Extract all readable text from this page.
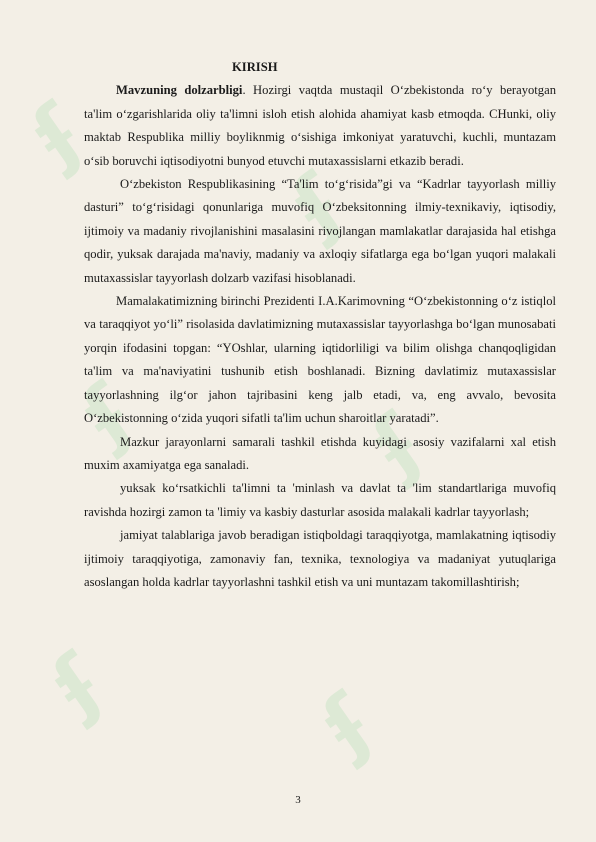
ʄ
ʄ
ʄ	ʄ
ʄ ʄ
KIRISH

Mavzuning dolzarbligi. Hozirgi vaqtda mustaqil O‘zbekistonda ro‘y berayotgan ta'lim o‘zgarishlarida oliy ta'limni isloh etish alohida ahamiyat kasb etmoqda. CHunki, oliy maktab Respublika milliy boyliknmig o‘sishiga imkoniyat yaratuvchi, kuchli, muntazam o‘sib boruvchi iqtisodiyotni bunyod etuvchi mutaxassislarni etkazib beradi.

O‘zbekiston Respublikasining “Ta'lim to‘g‘risida”gi va “Kadrlar tayyorlash milliy dasturi” to‘g‘risidagi qonunlariga muvofiq O‘zbeksitonning ilmiy-texnikaviy, iqtisodiy, ijtimoiy va madaniy rivojlanishini masalasini rivojlangan mamlakatlar darajasida hal etishga qodir, yuksak darajada ma'naviy, madaniy va axloqiy sifatlarga ega bo‘lgan yuqori malakali mutaxassislar tayyorlash dolzarb vazifasi hisoblanadi.

Mamalakatimizning birinchi Prezidenti I.A.Karimovning “O‘zbekistonning o‘z istiqlol va taraqqiyot yo‘li” risolasida davlatimizning mutaxassislar tayyorlashga bo‘lgan munosabati yorqin ifodasini topgan: “YOshlar, ularning iqtidorliligi va bilim olishga chanqoqligidan ta'lim va ma'naviyatini tushunib etish boshlanadi. Bizning davlatimiz mutaxassislar tayyorlashning ilg‘or jahon tajribasini keng jalb etadi, va, eng avvalo, bevosita O‘zbekistonning o‘zida yuqori sifatli ta'lim uchun sharoitlar yaratadi”.

Mazkur jarayonlarni samarali tashkil etishda kuyidagi asosiy vazifalarni xal etish muxim axamiyatga ega sanaladi.

yuksak ko‘rsatkichli ta'limni ta 'minlash va davlat ta 'lim standartlariga muvofiq ravishda hozirgi zamon ta 'limiy va kasbiy dasturlar asosida malakali kadrlar tayyorlash;

jamiyat talablariga javob beradigan istiqboldagi taraqqiyotga, mamlakatning iqtisodiy ijtimoiy taraqqiyotiga, zamonaviy fan, texnika, texnologiya va madaniyat yutuqlariga asoslangan holda kadrlar tayyorlashni tashkil etish va uni muntazam takomillashtirish;

3
